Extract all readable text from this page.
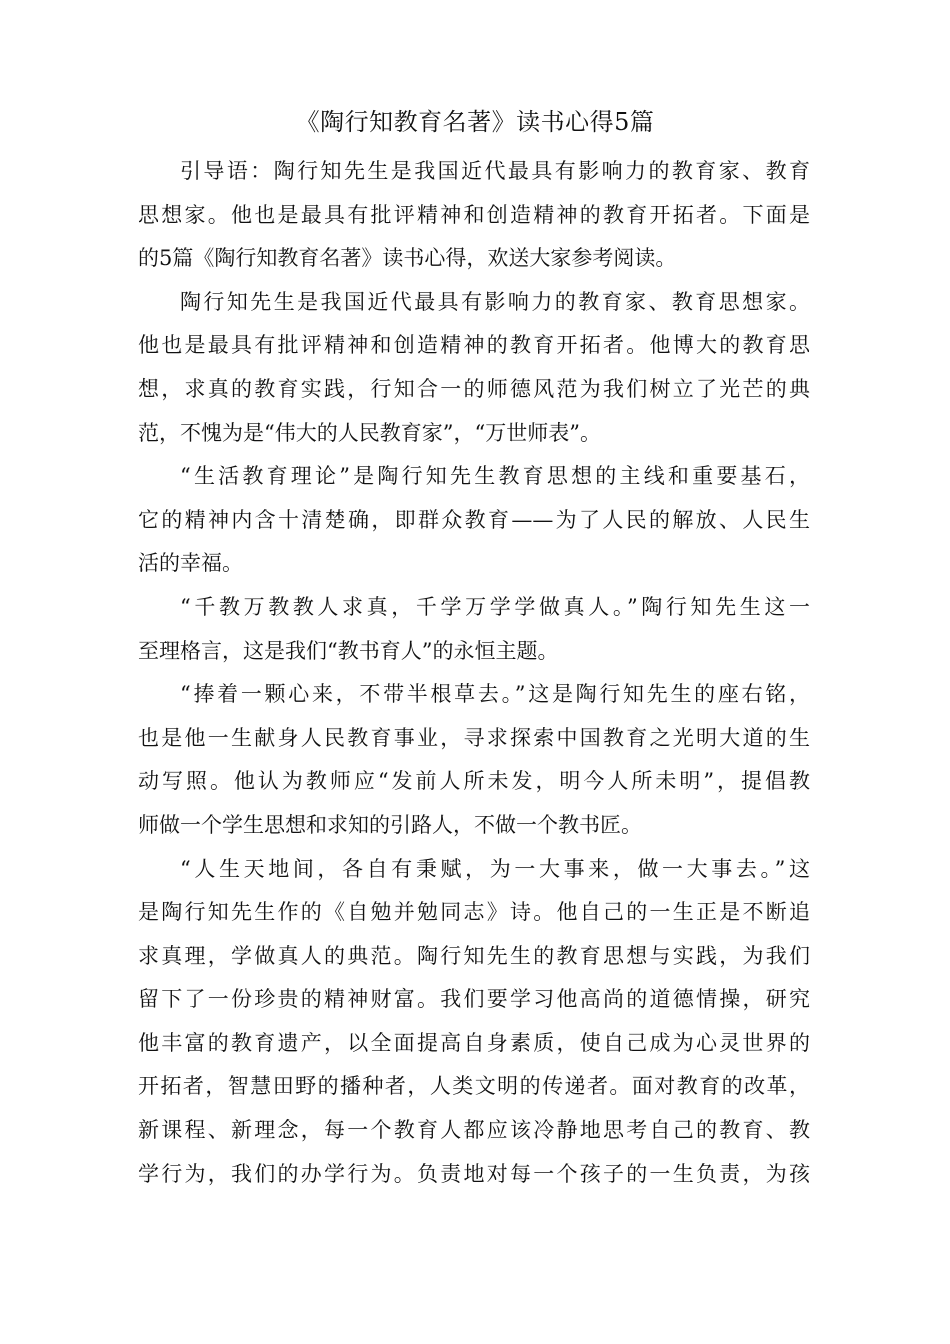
《陶行知教育名著》读书心得5篇
引导语：陶行知先生是我国近代最具有影响力的教育家、教育
思想家。他也是最具有批评精神和创造精神的教育开拓者。下面是
的5篇《陶行知教育名著》读书心得，欢送大家参考阅读。
陶行知先生是我国近代最具有影响力的教育家、教育思想家。
他也是最具有批评精神和创造精神的教育开拓者。他博大的教育思
想，求真的教育实践，行知合一的师德风范为我们树立了光芒的典
范，不愧为是“伟大的人民教育家”，“万世师表”。
“生活教育理论”是陶行知先生教育思想的主线和重要基石，
它的精神内含十清楚确，即群众教育——为了人民的解放、人民生
活的幸福。
“千教万教教人求真，千学万学学做真人。”陶行知先生这一
至理格言，这是我们“教书育人”的永恒主题。
“捧着一颗心来，不带半根草去。”这是陶行知先生的座右铭，
也是他一生献身人民教育事业，寻求探索中国教育之光明大道的生
动写照。他认为教师应“发前人所未发，明今人所未明”，提倡教
师做一个学生思想和求知的引路人，不做一个教书匠。
“人生天地间，各自有秉赋，为一大事来，做一大事去。”这
是陶行知先生作的《自勉并勉同志》诗。他自己的一生正是不断追
求真理，学做真人的典范。陶行知先生的教育思想与实践，为我们
留下了一份珍贵的精神财富。我们要学习他高尚的道德情操，研究
他丰富的教育遗产，以全面提高自身素质，使自己成为心灵世界的
开拓者，智慧田野的播种者，人类文明的传递者。面对教育的改革，
新课程、新理念，每一个教育人都应该冷静地思考自己的教育、教
学行为，我们的办学行为。负责地对每一个孩子的一生负责，为孩
